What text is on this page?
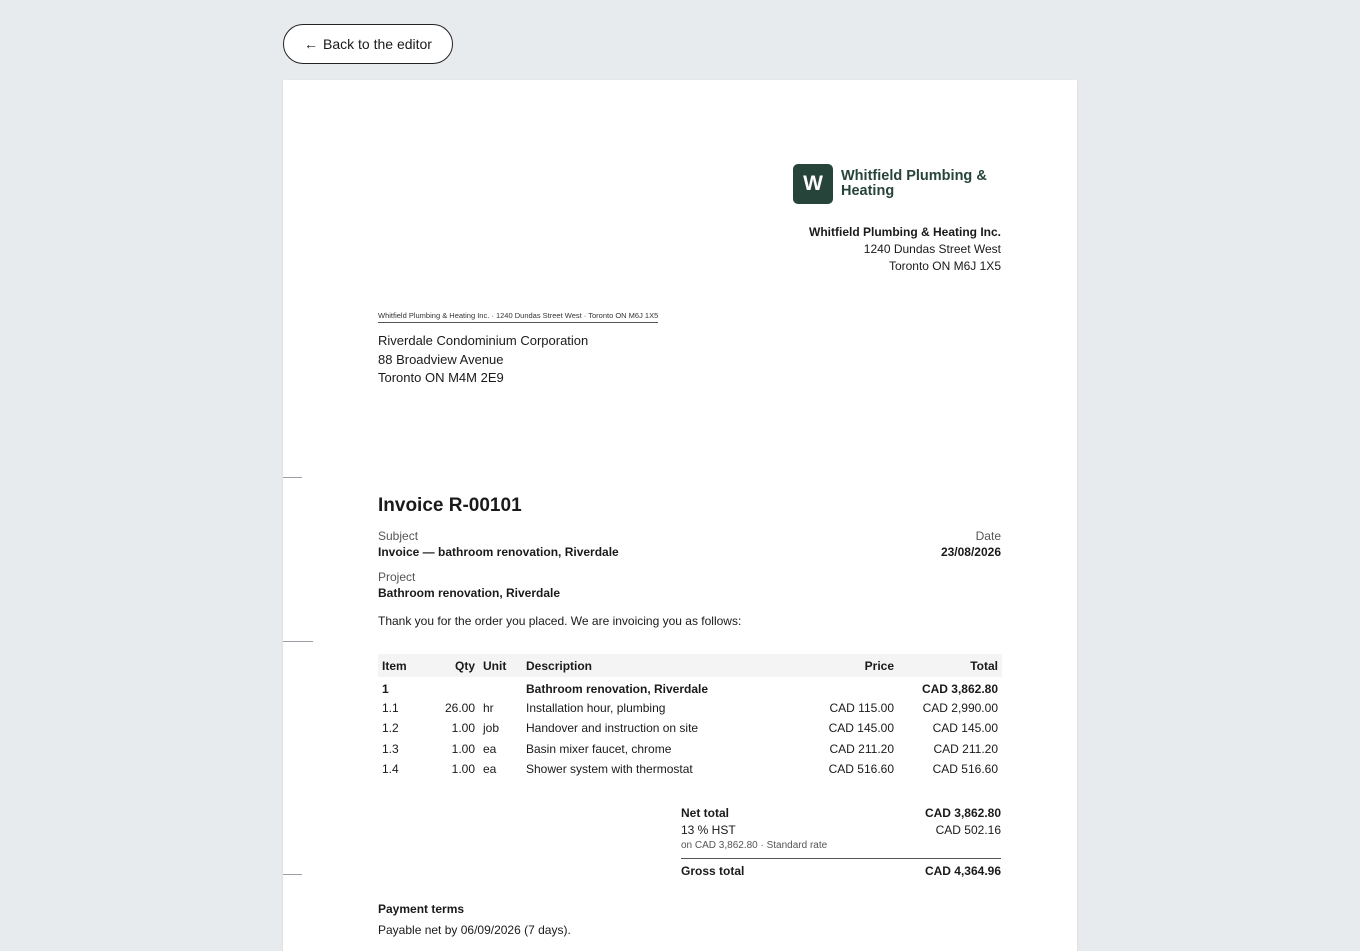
← Back to the editor
W	Whitfield Plumbing & Heating
Whitfield Plumbing & Heating Inc.
1240 Dundas Street West
Toronto ON M6J 1X5
Whitfield Plumbing & Heating Inc. · 1240 Dundas Street West · Toronto ON M6J 1X5
Riverdale Condominium Corporation
88 Broadview Avenue
Toronto ON M4M 2E9
Invoice R-00101
Subject
Invoice — bathroom renovation, Riverdale
Date
23/08/2026
Project
Bathroom renovation, Riverdale
Thank you for the order you placed. We are invoicing you as follows:
Item	Qty	Unit	Description	Price	Total
1			Bathroom renovation, Riverdale		CAD 3,862.80
1.1	26.00	hr	Installation hour, plumbing	CAD 115.00	CAD 2,990.00
1.2	1.00	job	Handover and instruction on site	CAD 145.00	CAD 145.00
1.3	1.00	ea	Basin mixer faucet, chrome	CAD 211.20	CAD 211.20
1.4	1.00	ea	Shower system with thermostat	CAD 516.60	CAD 516.60
Net total	CAD 3,862.80
13 % HST	CAD 502.16
on CAD 3,862.80 · Standard rate
Gross total	CAD 4,364.96
Payment terms
Payable net by 06/09/2026 (7 days).
